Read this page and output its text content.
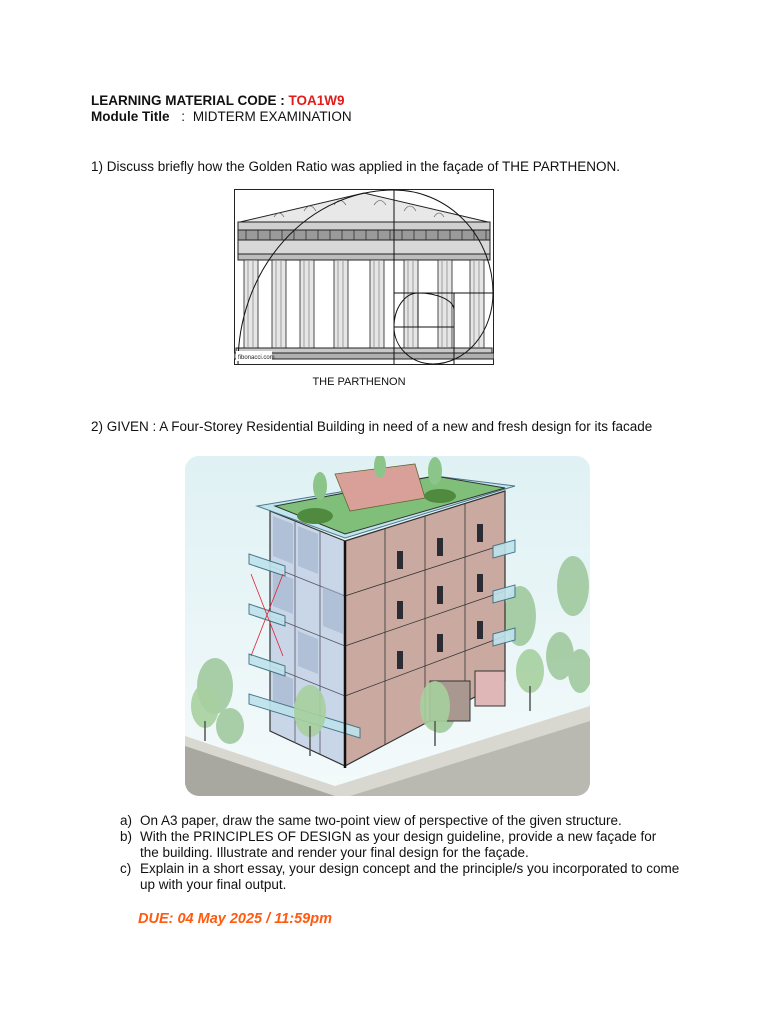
LEARNING MATERIAL CODE : TOA1W9
Module Title : MIDTERM EXAMINATION
1) Discuss briefly how the Golden Ratio was applied in the façade of THE PARTHENON.
fibonacci.com
THE PARTHENON
2) GIVEN : A Four-Storey Residential Building in need of a new and fresh design for its facade
a) On A3 paper, draw the same two-point view of perspective of the given structure.
b) With the PRINCIPLES OF DESIGN as your design guideline, provide a new façade for
the building. Illustrate and render your final design for the façade.
c) Explain in a short essay, your design concept and the principle/s you incorporated to come
up with your final output.
DUE: 04 May 2025 / 11:59pm
